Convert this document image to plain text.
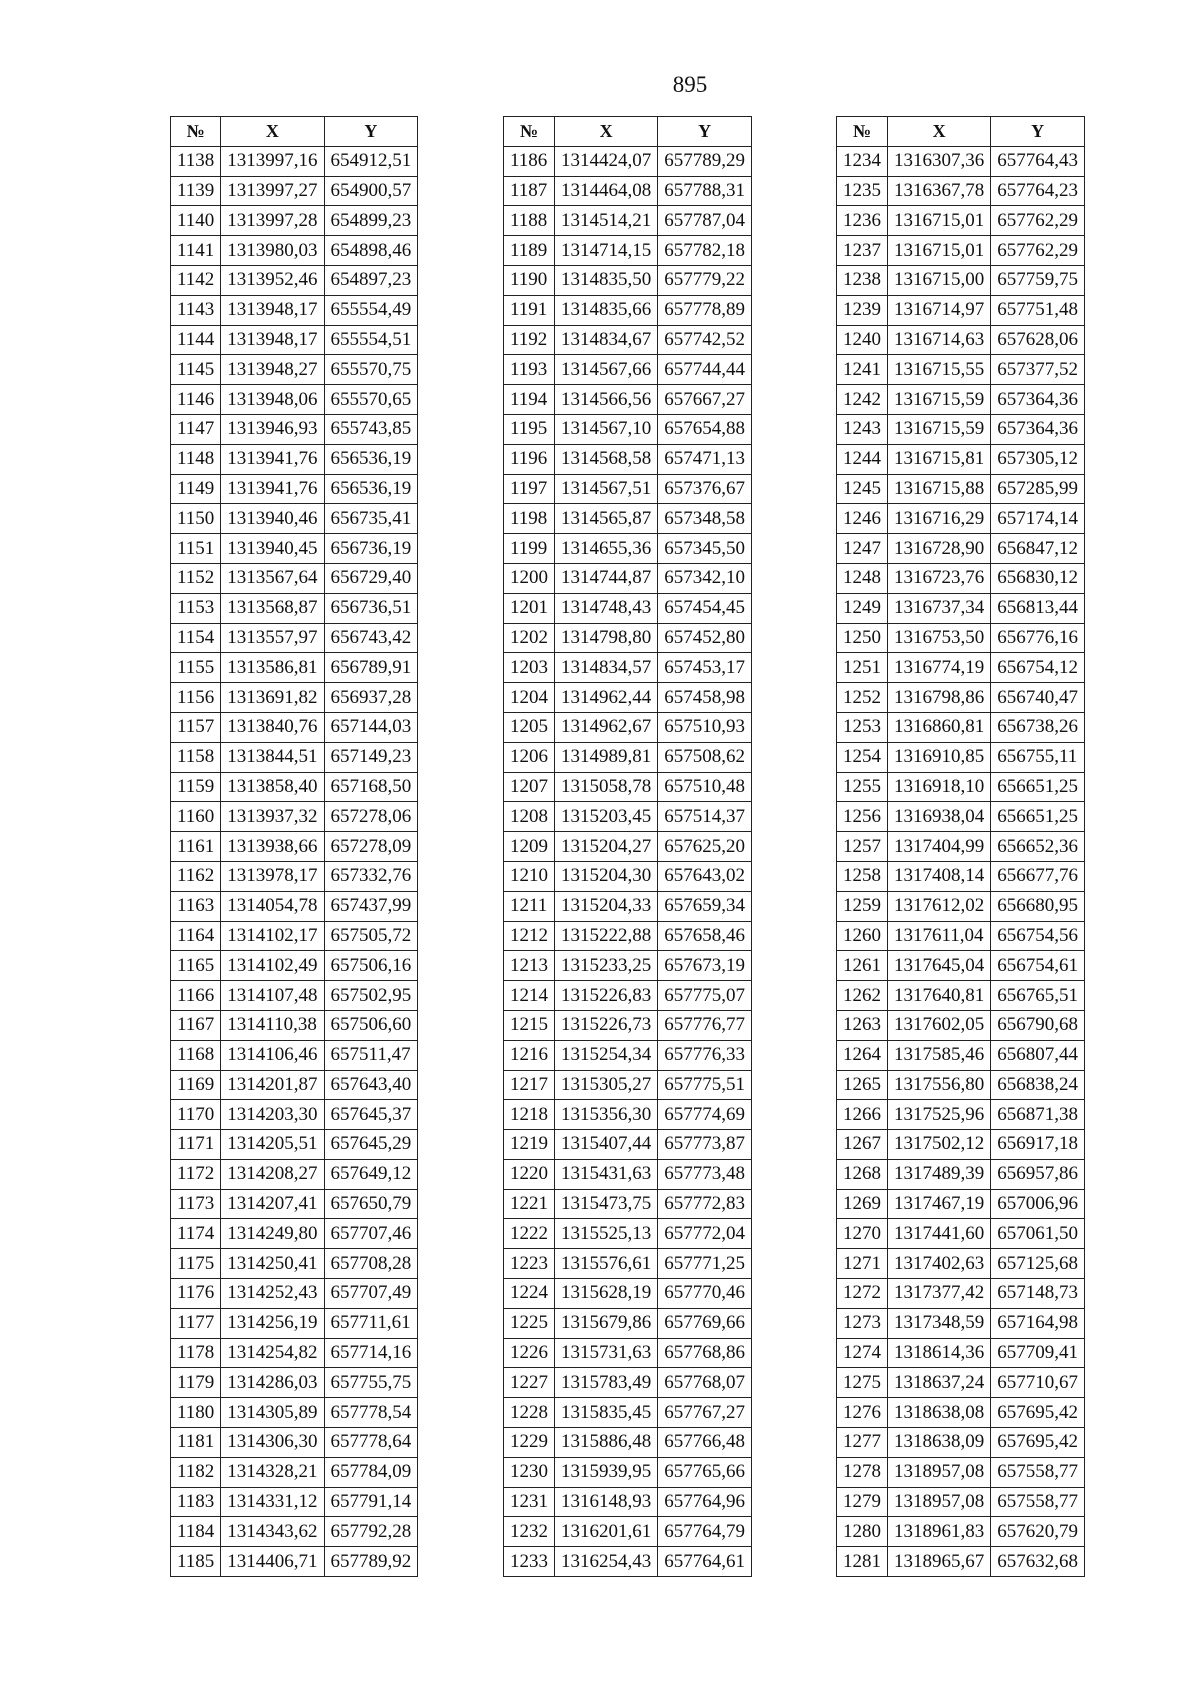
895
№	X	Y
1138	1313997,16	654912,51
1139	1313997,27	654900,57
1140	1313997,28	654899,23
1141	1313980,03	654898,46
1142	1313952,46	654897,23
1143	1313948,17	655554,49
1144	1313948,17	655554,51
1145	1313948,27	655570,75
1146	1313948,06	655570,65
1147	1313946,93	655743,85
1148	1313941,76	656536,19
1149	1313941,76	656536,19
1150	1313940,46	656735,41
1151	1313940,45	656736,19
1152	1313567,64	656729,40
1153	1313568,87	656736,51
1154	1313557,97	656743,42
1155	1313586,81	656789,91
1156	1313691,82	656937,28
1157	1313840,76	657144,03
1158	1313844,51	657149,23
1159	1313858,40	657168,50
1160	1313937,32	657278,06
1161	1313938,66	657278,09
1162	1313978,17	657332,76
1163	1314054,78	657437,99
1164	1314102,17	657505,72
1165	1314102,49	657506,16
1166	1314107,48	657502,95
1167	1314110,38	657506,60
1168	1314106,46	657511,47
1169	1314201,87	657643,40
1170	1314203,30	657645,37
1171	1314205,51	657645,29
1172	1314208,27	657649,12
1173	1314207,41	657650,79
1174	1314249,80	657707,46
1175	1314250,41	657708,28
1176	1314252,43	657707,49
1177	1314256,19	657711,61
1178	1314254,82	657714,16
1179	1314286,03	657755,75
1180	1314305,89	657778,54
1181	1314306,30	657778,64
1182	1314328,21	657784,09
1183	1314331,12	657791,14
1184	1314343,62	657792,28
1185	1314406,71	657789,92
№	X	Y
1186	1314424,07	657789,29
1187	1314464,08	657788,31
1188	1314514,21	657787,04
1189	1314714,15	657782,18
1190	1314835,50	657779,22
1191	1314835,66	657778,89
1192	1314834,67	657742,52
1193	1314567,66	657744,44
1194	1314566,56	657667,27
1195	1314567,10	657654,88
1196	1314568,58	657471,13
1197	1314567,51	657376,67
1198	1314565,87	657348,58
1199	1314655,36	657345,50
1200	1314744,87	657342,10
1201	1314748,43	657454,45
1202	1314798,80	657452,80
1203	1314834,57	657453,17
1204	1314962,44	657458,98
1205	1314962,67	657510,93
1206	1314989,81	657508,62
1207	1315058,78	657510,48
1208	1315203,45	657514,37
1209	1315204,27	657625,20
1210	1315204,30	657643,02
1211	1315204,33	657659,34
1212	1315222,88	657658,46
1213	1315233,25	657673,19
1214	1315226,83	657775,07
1215	1315226,73	657776,77
1216	1315254,34	657776,33
1217	1315305,27	657775,51
1218	1315356,30	657774,69
1219	1315407,44	657773,87
1220	1315431,63	657773,48
1221	1315473,75	657772,83
1222	1315525,13	657772,04
1223	1315576,61	657771,25
1224	1315628,19	657770,46
1225	1315679,86	657769,66
1226	1315731,63	657768,86
1227	1315783,49	657768,07
1228	1315835,45	657767,27
1229	1315886,48	657766,48
1230	1315939,95	657765,66
1231	1316148,93	657764,96
1232	1316201,61	657764,79
1233	1316254,43	657764,61
№	X	Y
1234	1316307,36	657764,43
1235	1316367,78	657764,23
1236	1316715,01	657762,29
1237	1316715,01	657762,29
1238	1316715,00	657759,75
1239	1316714,97	657751,48
1240	1316714,63	657628,06
1241	1316715,55	657377,52
1242	1316715,59	657364,36
1243	1316715,59	657364,36
1244	1316715,81	657305,12
1245	1316715,88	657285,99
1246	1316716,29	657174,14
1247	1316728,90	656847,12
1248	1316723,76	656830,12
1249	1316737,34	656813,44
1250	1316753,50	656776,16
1251	1316774,19	656754,12
1252	1316798,86	656740,47
1253	1316860,81	656738,26
1254	1316910,85	656755,11
1255	1316918,10	656651,25
1256	1316938,04	656651,25
1257	1317404,99	656652,36
1258	1317408,14	656677,76
1259	1317612,02	656680,95
1260	1317611,04	656754,56
1261	1317645,04	656754,61
1262	1317640,81	656765,51
1263	1317602,05	656790,68
1264	1317585,46	656807,44
1265	1317556,80	656838,24
1266	1317525,96	656871,38
1267	1317502,12	656917,18
1268	1317489,39	656957,86
1269	1317467,19	657006,96
1270	1317441,60	657061,50
1271	1317402,63	657125,68
1272	1317377,42	657148,73
1273	1317348,59	657164,98
1274	1318614,36	657709,41
1275	1318637,24	657710,67
1276	1318638,08	657695,42
1277	1318638,09	657695,42
1278	1318957,08	657558,77
1279	1318957,08	657558,77
1280	1318961,83	657620,79
1281	1318965,67	657632,68
